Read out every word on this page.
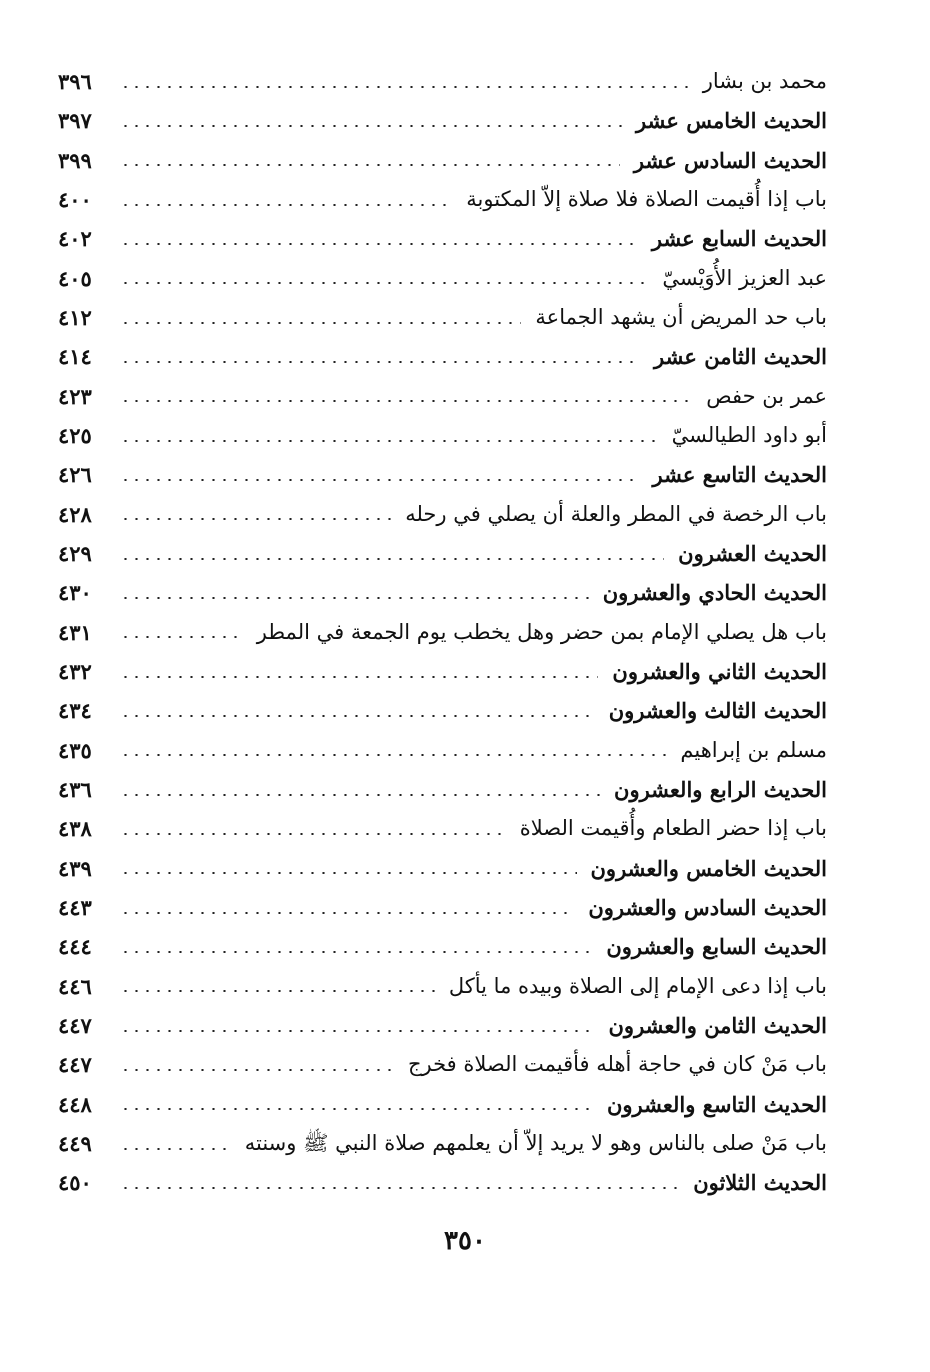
محمد بن بشار
٣٩٦
الحديث الخامس عشر
٣٩٧
الحديث السادس عشر
٣٩٩
باب إذا أُقيمت الصلاة فلا صلاة إلاّ المكتوبة
٤٠٠
الحديث السابع عشر
٤٠٢
عبد العزيز الأُوَيْسيّ
٤٠٥
باب حد المريض أن يشهد الجماعة
٤١٢
الحديث الثامن عشر
٤١٤
عمر بن حفص
٤٢٣
أبو داود الطيالسيّ
٤٢٥
الحديث التاسع عشر
٤٢٦
باب الرخصة في المطر والعلة أن يصلي في رحله
٤٢٨
الحديث العشرون
٤٢٩
الحديث الحادي والعشرون
٤٣٠
باب هل يصلي الإمام بمن حضر وهل يخطب يوم الجمعة في المطر
٤٣١
الحديث الثاني والعشرون
٤٣٢
الحديث الثالث والعشرون
٤٣٤
مسلم بن إبراهيم
٤٣٥
الحديث الرابع والعشرون
٤٣٦
باب إذا حضر الطعام وأُقيمت الصلاة
٤٣٨
الحديث الخامس والعشرون
٤٣٩
الحديث السادس والعشرون
٤٤٣
الحديث السابع والعشرون
٤٤٤
باب إذا دعى الإمام إلى الصلاة وبيده ما يأكل
٤٤٦
الحديث الثامن والعشرون
٤٤٧
باب مَنْ كان في حاجة أهله فأقيمت الصلاة فخرج
٤٤٧
الحديث التاسع والعشرون
٤٤٨
باب مَنْ صلى بالناس وهو لا يريد إلاّ أن يعلمهم صلاة النبي ﷺ وسنته
٤٤٩
الحديث الثلاثون
٤٥٠
٣٥٠
